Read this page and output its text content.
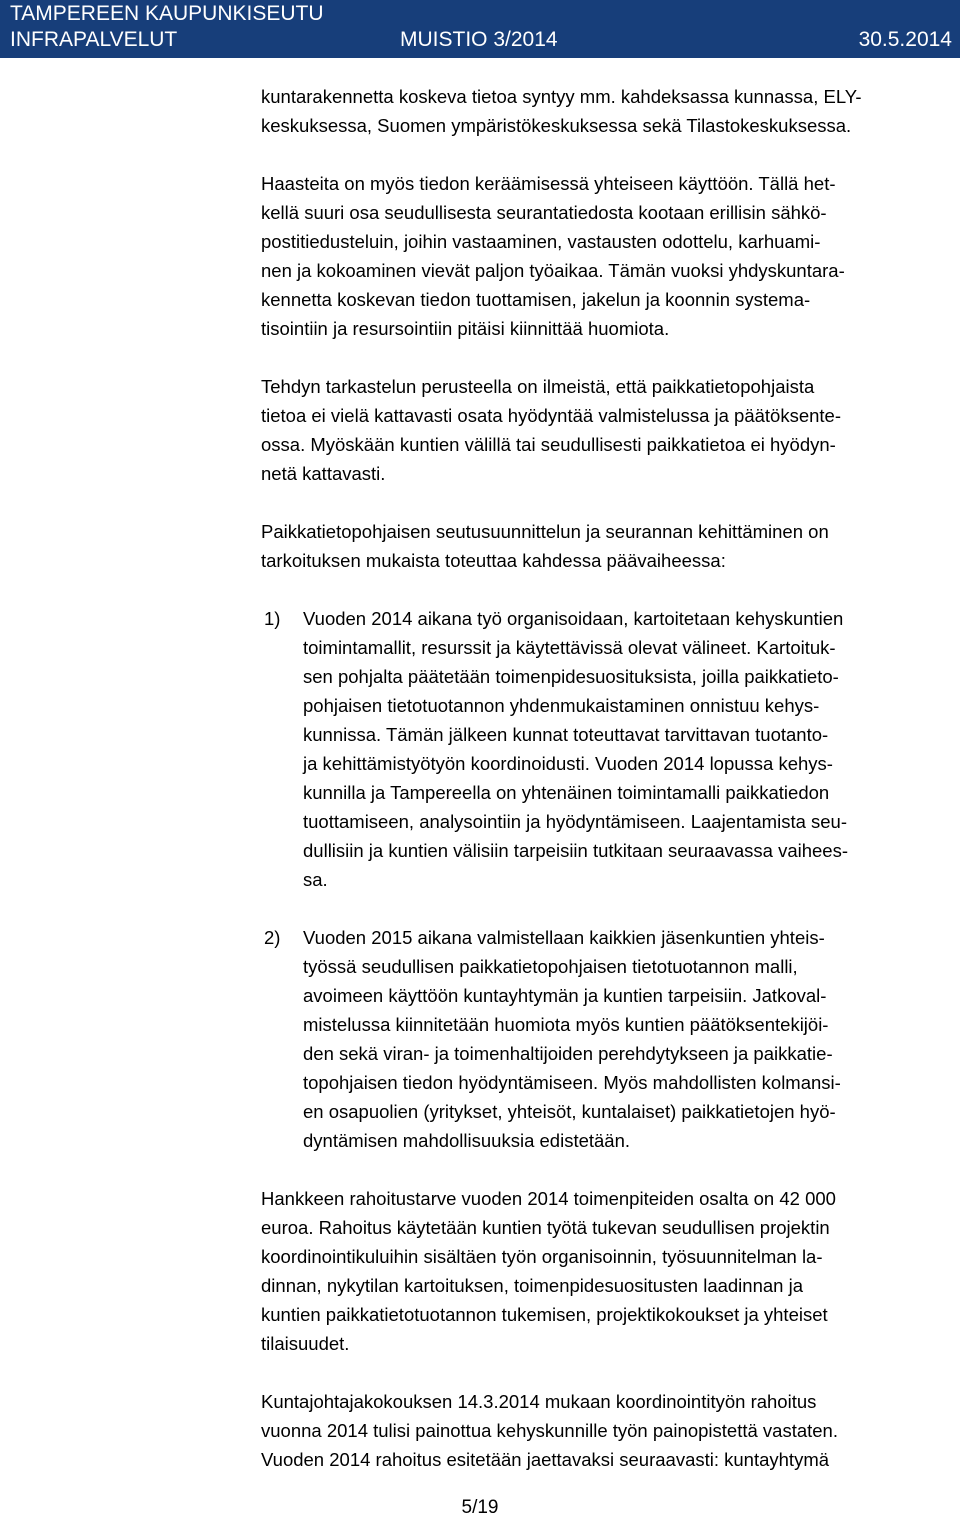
TAMPEREEN KAUPUNKISEUTU
INFRAPALVELUT	MUISTIO 3/2014	30.5.2014

kuntarakennetta koskeva tietoa syntyy mm. kahdeksassa kunnassa, ELY-
keskuksessa, Suomen ympäristökeskuksessa sekä Tilastokeskuksessa.

Haasteita on myös tiedon keräämisessä yhteiseen käyttöön. Tällä het-
kellä suuri osa seudullisesta seurantatiedosta kootaan erillisin sähkö-
postitiedusteluin, joihin vastaaminen, vastausten odottelu, karhuami-
nen ja kokoaminen vievät paljon työaikaa. Tämän vuoksi yhdyskuntara-
kennetta koskevan tiedon tuottamisen, jakelun ja koonnin systema-
tisointiin ja resursointiin pitäisi kiinnittää huomiota.

Tehdyn tarkastelun perusteella on ilmeistä, että paikkatietopohjaista
tietoa ei vielä kattavasti osata hyödyntää valmistelussa ja päätöksente-
ossa. Myöskään kuntien välillä tai seudullisesti paikkatietoa ei hyödyn-
netä kattavasti.

Paikkatietopohjaisen seutusuunnittelun ja seurannan kehittäminen on
tarkoituksen mukaista toteuttaa kahdessa päävaiheessa:

1) Vuoden 2014 aikana työ organisoidaan, kartoitetaan kehyskuntien
toimintamallit, resurssit ja käytettävissä olevat välineet. Kartoituk-
sen pohjalta päätetään toimenpidesuosituksista, joilla paikkatieto-
pohjaisen tietotuotannon yhdenmukaistaminen onnistuu kehys-
kunnissa. Tämän jälkeen kunnat toteuttavat tarvittavan tuotanto-
ja kehittämistyötyön koordinoidusti. Vuoden 2014 lopussa kehys-
kunnilla ja Tampereella on yhtenäinen toimintamalli paikkatiedon
tuottamiseen, analysointiin ja hyödyntämiseen. Laajentamista seu-
dullisiin ja kuntien välisiin tarpeisiin tutkitaan seuraavassa vaihees-
sa.
2) Vuoden 2015 aikana valmistellaan kaikkien jäsenkuntien yhteis-
työssä seudullisen paikkatietopohjaisen tietotuotannon malli,
avoimeen käyttöön kuntayhtymän ja kuntien tarpeisiin. Jatkoval-
mistelussa kiinnitetään huomiota myös kuntien päätöksentekijöi-
den sekä viran- ja toimenhaltijoiden perehdytykseen ja paikkatie-
topohjaisen tiedon hyödyntämiseen. Myös mahdollisten kolmansi-
en osapuolien (yritykset, yhteisöt, kuntalaiset) paikkatietojen hyö-
dyntämisen mahdollisuuksia edistetään.

Hankkeen rahoitustarve vuoden 2014 toimenpiteiden osalta on 42 000
euroa. Rahoitus käytetään kuntien työtä tukevan seudullisen projektin
koordinointikuluihin sisältäen työn organisoinnin, työsuunnitelman la-
dinnan, nykytilan kartoituksen, toimenpidesuositusten laadinnan ja
kuntien paikkatietotuotannon tukemisen, projektikokoukset ja yhteiset
tilaisuudet.

Kuntajohtajakokouksen 14.3.2014 mukaan koordinointityön rahoitus
vuonna 2014 tulisi painottua kehyskunnille työn painopistettä vastaten.
Vuoden 2014 rahoitus esitetään jaettavaksi seuraavasti: kuntayhtymä

5/19
